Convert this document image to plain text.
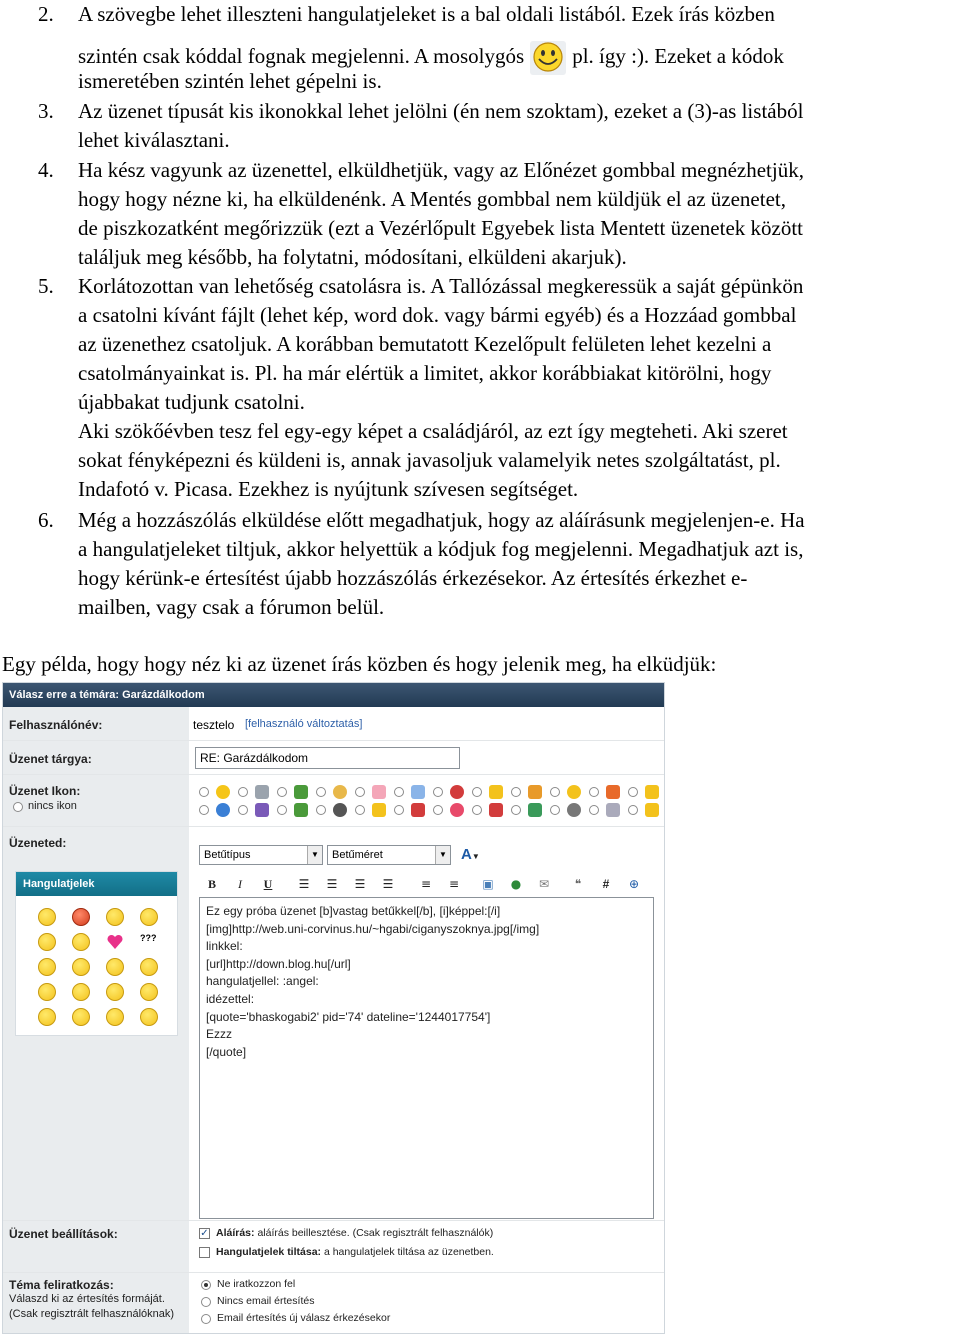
2. A szövegbe lehet illeszteni hangulatjeleket is a bal oldali listából. Ezek írás közben
szintén csak kóddal fognak megjelenni. A mosolygós pl. így :). Ezeket a kódok
ismeretében szintén lehet gépelni is.
3. Az üzenet típusát kis ikonokkal lehet jelölni (én nem szoktam), ezeket a (3)-as listából
lehet kiválasztani.
4. Ha kész vagyunk az üzenettel, elküldhetjük, vagy az Előnézet gombbal megnézhetjük,
hogy hogy nézne ki, ha elküldenénk. A Mentés gombbal nem küldjük el az üzenetet,
de piszkozatként megőrizzük (ezt a Vezérlőpult Egyebek lista Mentett üzenetek között
találjuk meg később, ha folytatni, módosítani, elküldeni akarjuk).
5. Korlátozottan van lehetőség csatolásra is. A Tallózással megkeressük a saját gépünkön
a csatolni kívánt fájlt (lehet kép, word dok. vagy bármi egyéb) és a Hozzáad gombbal
az üzenethez csatoljuk. A korábban bemutatott Kezelőpult felületen lehet kezelni a
csatolmányainkat is. Pl. ha már elértük a limitet, akkor korábbiakat kitörölni, hogy
újabbakat tudjunk csatolni.
Aki szökőévben tesz fel egy-egy képet a családjáról, az ezt így megteheti. Aki szeret
sokat fényképezni és küldeni is, annak javasoljuk valamelyik netes szolgáltatást, pl.
Indafotó v. Picasa. Ezekhez is nyújtunk szívesen segítséget.
6. Még a hozzászólás elküldése előtt megadhatjuk, hogy az aláírásunk megjelenjen-e. Ha
a hangulatjeleket tiltjuk, akkor helyettük a kódjuk fog megjelenni. Megadhatjuk azt is,
hogy kérünk-e értesítést újabb hozzászólás érkezésekor. Az értesítés érkezhet e-
mailben, vagy csak a fórumon belül.
Egy példa, hogy hogy néz ki az üzenet írás közben és hogy jelenik meg, ha elküdjük:
Válasz erre a témára: Garázdálkodom
Felhasználónév:	tesztelo [felhasználó változtatás]
Üzenet tárgya:	RE: Garázdálkodom
Üzenet Ikon:
nincs ikon
Üzeneted:
Hangulatjelek
???
Betűtípus	▼	Betűméret	▼ A▼
B	I	U	☰	☰	☰	☰	≡	≡	▣	●	✉	❝	#	⊕
Ez egy próba üzenet [b]vastag betűkkel[/b], [i]képpel:[/i]
[img]http://web.uni-corvinus.hu/~hgabi/ciganyszoknya.jpg[/img]
linkkel:
[url]http://down.blog.hu[/url]
hangulatjellel: :angel:
idézettel:
[quote='bhaskogabi2' pid='74' dateline='1244017754']
Ezzz
[/quote]
Üzenet beállítások:	✓ Aláírás: aláírás beillesztése. (Csak regisztrált felhasználók)
Hangulatjelek tiltása: a hangulatjelek tiltása az üzenetben.
Téma feliratkozás:
Válaszd ki az értesítés formáját.
(Csak regisztrált felhasználóknak)
Ne iratkozzon fel
Nincs email értesítés
Email értesítés új válasz érkezésekor
